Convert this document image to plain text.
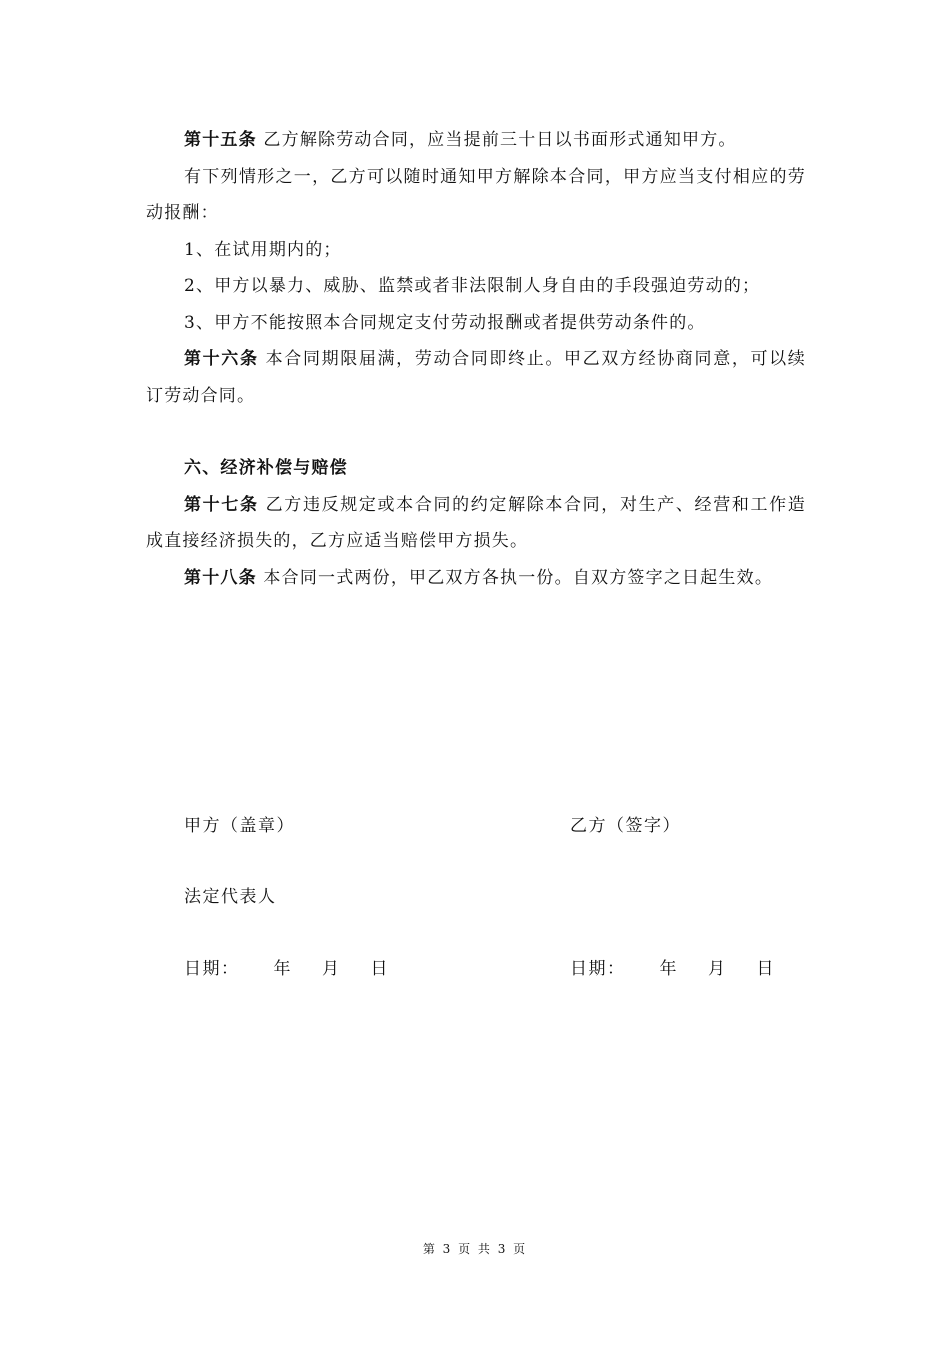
第十五条 乙方解除劳动合同，应当提前三十日以书面形式通知甲方。

有下列情形之一，乙方可以随时通知甲方解除本合同，甲方应当支付相应的劳动报酬：

1、在试用期内的；

2、甲方以暴力、威胁、监禁或者非法限制人身自由的手段强迫劳动的；

3、甲方不能按照本合同规定支付劳动报酬或者提供劳动条件的。

第十六条 本合同期限届满，劳动合同即终止。甲乙双方经协商同意，可以续订劳动合同。

六、经济补偿与赔偿

第十七条 乙方违反规定或本合同的约定解除本合同，对生产、经营和工作造成直接经济损失的，乙方应适当赔偿甲方损失。

第十八条 本合同一式两份，甲乙双方各执一份。自双方签字之日起生效。

甲方（盖章）	乙方（签字）
法定代表人
日期： 年 月 日	日期： 年 月 日
第 3 页 共 3 页
